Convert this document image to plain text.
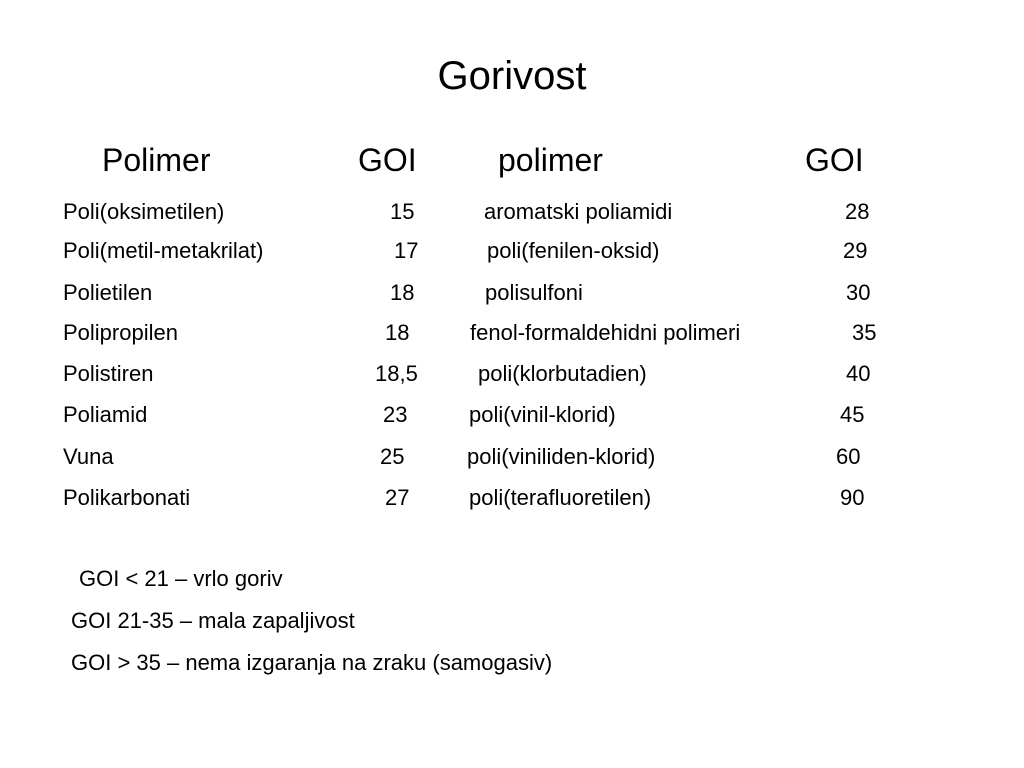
Gorivost
Polimer	GOI	polimer	GOI
Poli(oksimetilen)	15	aromatski poliamidi	28
Poli(metil-metakrilat)	17	poli(fenilen-oksid)	29
Polietilen	18	polisulfoni	30
Polipropilen	18	fenol-formaldehidni polimeri	35
Polistiren	18,5	poli(klorbutadien)	40
Poliamid	23	poli(vinil-klorid)	45
Vuna	25	poli(viniliden-klorid)	60
Polikarbonati	27	poli(terafluoretilen)	90
GOI < 21 – vrlo goriv
GOI 21-35 – mala zapaljivost
GOI > 35 – nema izgaranja na zraku (samogasiv)
